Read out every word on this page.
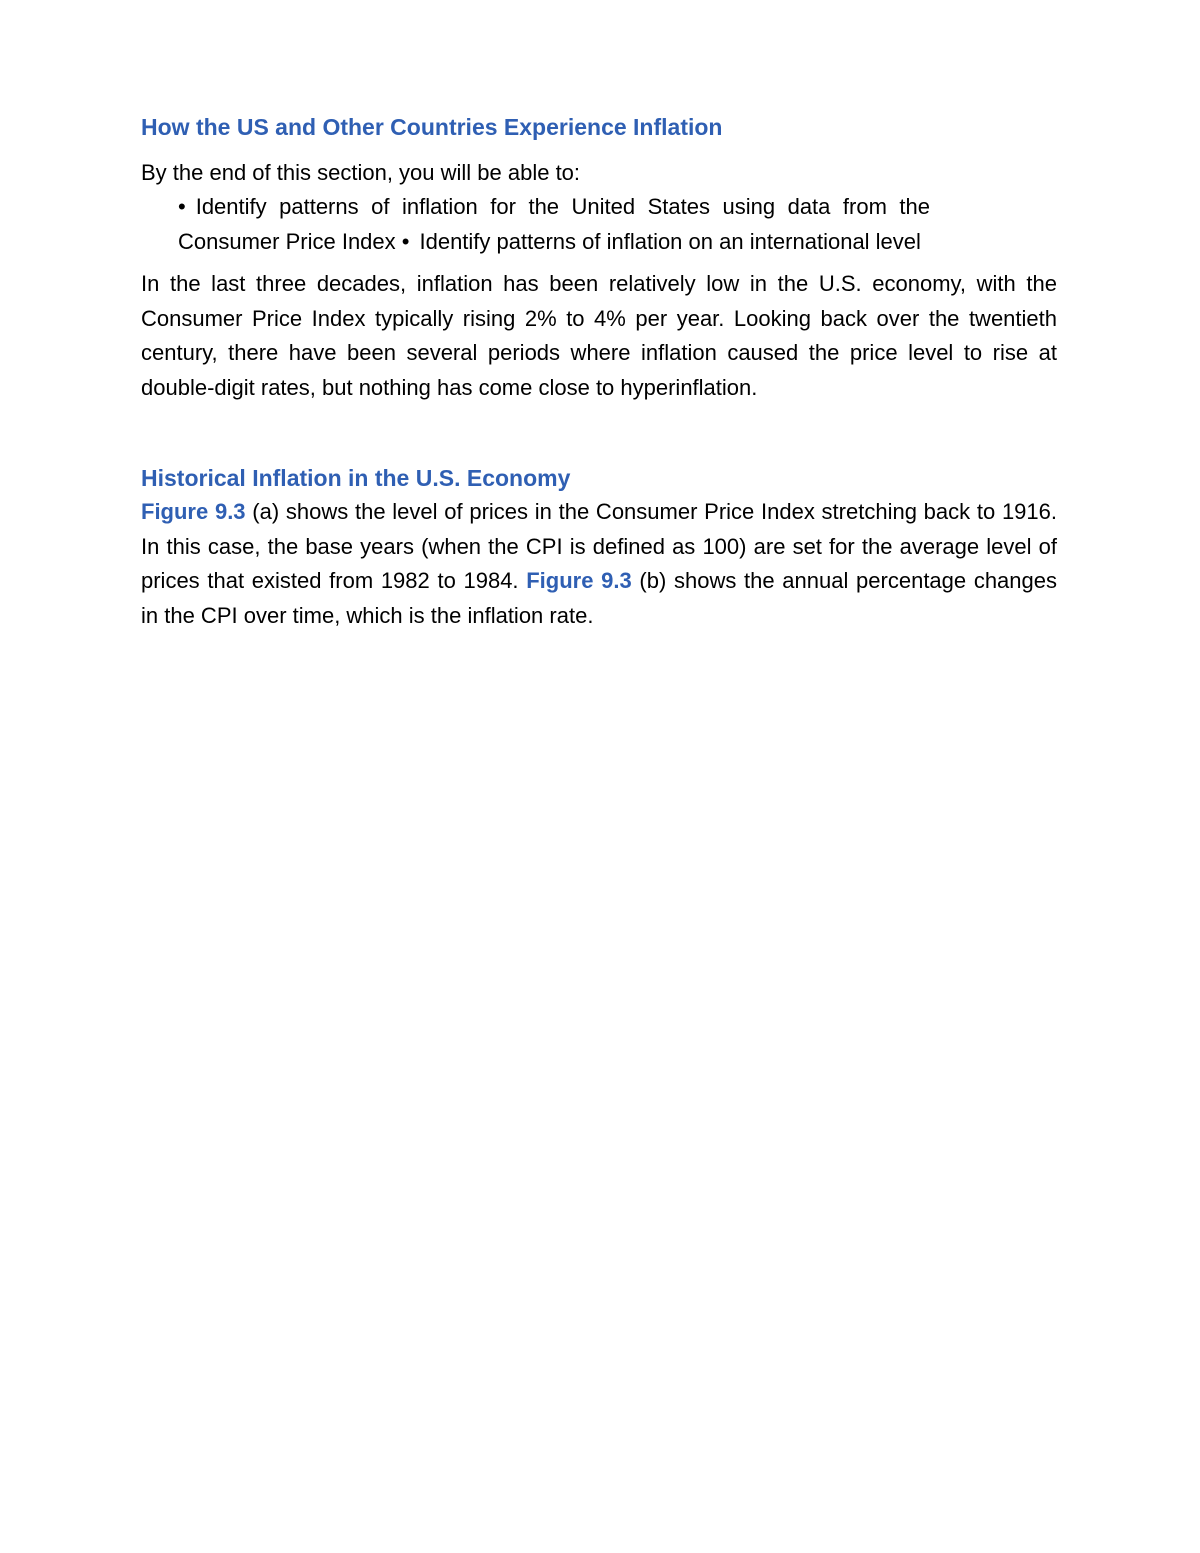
How the US and Other Countries Experience Inflation

By the end of this section, you will be able to:

• Identify patterns of inflation for the United States using data from the Consumer Price Index • Identify patterns of inflation on an international level

In the last three decades, inflation has been relatively low in the U.S. economy, with the Consumer Price Index typically rising 2% to 4% per year. Looking back over the twentieth century, there have been several periods where inflation caused the price level to rise at double-digit rates, but nothing has come close to hyperinflation.

Historical Inflation in the U.S. Economy

Figure 9.3 (a) shows the level of prices in the Consumer Price Index stretching back to 1916. In this case, the base years (when the CPI is defined as 100) are set for the average level of prices that existed from 1982 to 1984. Figure 9.3 (b) shows the annual percentage changes in the CPI over time, which is the inflation rate.
